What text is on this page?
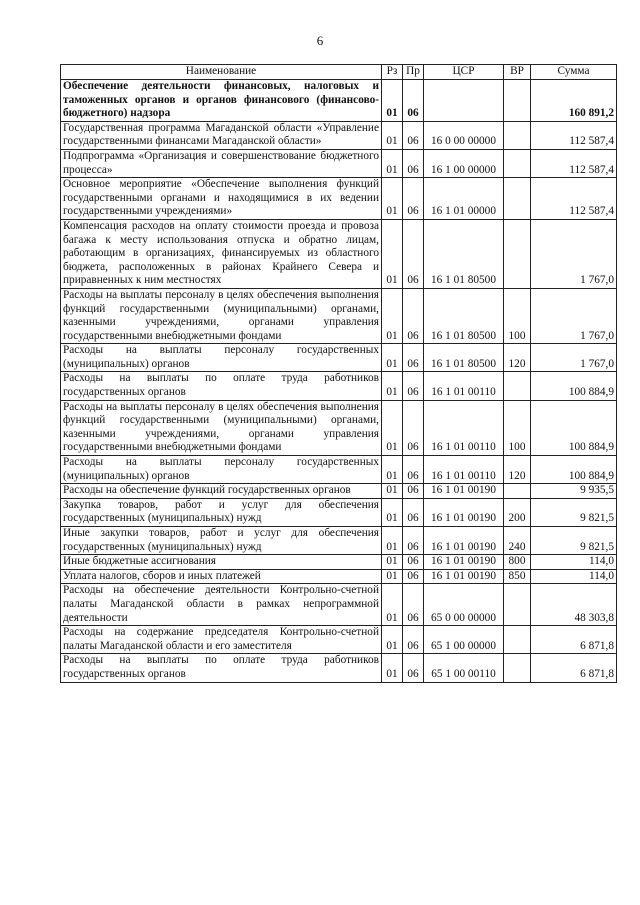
6
Наименование	Рз	Пр	ЦСР	ВР	Сумма
Обеспечение деятельности финансовых, налоговых и таможенных органов и органов финансового (финансово-бюджетного) надзора	01	06			160 891,2
Государственная программа Магаданской области «Управление государственными финансами Магаданской области»	01	06	16 0 00 00000		112 587,4
Подпрограмма «Организация и совершенствование бюджетного процесса»	01	06	16 1 00 00000		112 587,4
Основное мероприятие «Обеспечение выполнения функций государственными органами и находящимися в их ведении государственными учреждениями»	01	06	16 1 01 00000		112 587,4
Компенсация расходов на оплату стоимости проезда и провоза багажа к месту использования отпуска и обратно лицам, работающим в организациях, финансируемых из областного бюджета, расположенных в районах Крайнего Севера и приравненных к ним местностях	01	06	16 1 01 80500		1 767,0
Расходы на выплаты персоналу в целях обеспечения выполнения функций государственными (муниципальными) органами, казенными учреждениями, органами управления государственными внебюджетными фондами	01	06	16 1 01 80500	100	1 767,0
Расходы на выплаты персоналу государственных (муниципальных) органов	01	06	16 1 01 80500	120	1 767,0
Расходы на выплаты по оплате труда работников государственных органов	01	06	16 1 01 00110		100 884,9
Расходы на выплаты персоналу в целях обеспечения выполнения функций государственными (муниципальными) органами, казенными учреждениями, органами управления государственными внебюджетными фондами	01	06	16 1 01 00110	100	100 884,9
Расходы на выплаты персоналу государственных (муниципальных) органов	01	06	16 1 01 00110	120	100 884,9
Расходы на обеспечение функций государственных органов	01	06	16 1 01 00190		9 935,5
Закупка товаров, работ и услуг для обеспечения государственных (муниципальных) нужд	01	06	16 1 01 00190	200	9 821,5
Иные закупки товаров, работ и услуг для обеспечения государственных (муниципальных) нужд	01	06	16 1 01 00190	240	9 821,5
Иные бюджетные ассигнования	01	06	16 1 01 00190	800	114,0
Уплата налогов, сборов и иных платежей	01	06	16 1 01 00190	850	114,0
Расходы на обеспечение деятельности Контрольно-счетной палаты Магаданской области в рамках непрограммной деятельности	01	06	65 0 00 00000		48 303,8
Расходы на содержание председателя Контрольно-счетной палаты Магаданской области и его заместителя	01	06	65 1 00 00000		6 871,8
Расходы на выплаты по оплате труда работников государственных органов	01	06	65 1 00 00110		6 871,8
